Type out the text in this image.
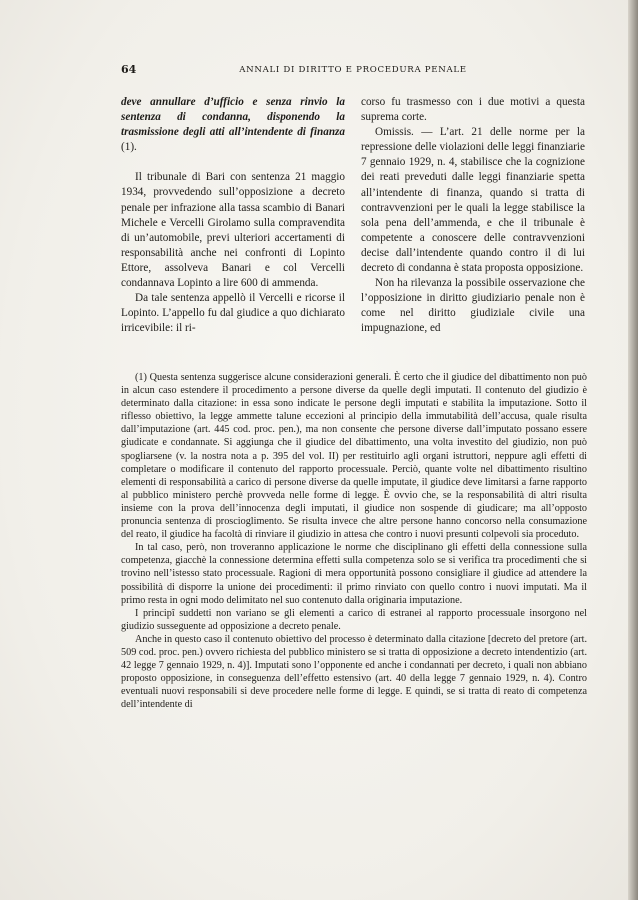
64	ANNALI DI DIRITTO E PROCEDURA PENALE

deve annullare d’ufficio e senza rinvio la sentenza di condanna, disponendo la trasmissione degli atti all’intendente di finanza (1).

Il tribunale di Bari con sentenza 21 maggio 1934, provvedendo sull’opposizione a decreto penale per infrazione alla tassa scambio di Banari Michele e Vercelli Girolamo sulla compravendita di un’automobile, previ ulteriori accertamenti di responsabilità anche nei confronti di Lopinto Ettore, assolveva Banari e col Vercelli condannava Lopinto a lire 600 di ammenda.

Da tale sentenza appellò il Vercelli e ricorse il Lopinto. L’appello fu dal giudice a quo dichiarato irricevibile: il ri-

corso fu trasmesso con i due motivi a questa suprema corte.

Omissis. — L’art. 21 delle norme per la repressione delle violazioni delle leggi finanziarie 7 gennaio 1929, n. 4, stabilisce che la cognizione dei reati preveduti dalle leggi finanziarie spetta all’intendente di finanza, quando si tratta di contravvenzioni per le quali la legge stabilisce la sola pena dell’ammenda, e che il tribunale è competente a conoscere delle contravvenzioni decise dall’intendente quando contro il di lui decreto di condanna è stata proposta opposizione.

Non ha rilevanza la possibile osservazione che l’opposizione in diritto giudiziario penale non è come nel diritto giudiziale civile una impugnazione, ed

(1) Questa sentenza suggerisce alcune considerazioni generali. È certo che il giudice del dibattimento non può in alcun caso estendere il procedimento a persone diverse da quelle degli imputati. Il contenuto del giudizio è determinato dalla citazione: in essa sono indicate le persone degli imputati e stabilita la imputazione. Sotto il riflesso obiettivo, la legge ammette talune eccezioni al principio della immutabilità dell’accusa, quale risulta dall’imputazione (art. 445 cod. proc. pen.), ma non consente che persone diverse dall’imputato possano essere giudicate e condannate. Si aggiunga che il giudice del dibattimento, una volta investito del giudizio, non può spogliarsene (v. la nostra nota a p. 395 del vol. II) per restituirlo agli organi istruttori, neppure agli effetti di completare o modificare il contenuto del rapporto processuale. Perciò, quante volte nel dibattimento risultino elementi di responsabilità a carico di persone diverse da quelle imputate, il giudice deve limitarsi a farne rapporto al pubblico ministero perchè provveda nelle forme di legge. È ovvio che, se la responsabilità di altri risulta insieme con la prova dell’innocenza degli imputati, il giudice non sospende di giudicare; ma all’opposto pronuncia sentenza di proscioglimento. Se risulta invece che altre persone hanno concorso nella consumazione del reato, il giudice ha facoltà di rinviare il giudizio in attesa che contro i nuovi presunti colpevoli sia proceduto.

In tal caso, però, non troveranno applicazione le norme che disciplinano gli effetti della connessione sulla competenza, giacchè la connessione determina effetti sulla competenza solo se si verifica tra procedimenti che si trovino nell’istesso stato processuale. Ragioni di mera opportunità possono consigliare il giudice ad attendere la possibilità di disporre la unione dei procedimenti: il primo rinviato con quello contro i nuovi imputati. Ma il primo resta in ogni modo delimitato nel suo contenuto dalla originaria imputazione.

I principî suddetti non variano se gli elementi a carico di estranei al rapporto processuale insorgono nel giudizio susseguente ad opposizione a decreto penale.

Anche in questo caso il contenuto obiettivo del processo è determinato dalla citazione [decreto del pretore (art. 509 cod. proc. pen.) ovvero richiesta del pubblico ministero se si tratta di opposizione a decreto intendentizio (art. 42 legge 7 gennaio 1929, n. 4)]. Imputati sono l’opponente ed anche i condannati per decreto, i quali non abbiano proposto opposizione, in conseguenza dell’effetto estensivo (art. 40 della legge 7 gennaio 1929, n. 4). Contro eventuali nuovi responsabili si deve procedere nelle forme di legge. E quindi, se si tratta di reato di competenza dell’intendente di
